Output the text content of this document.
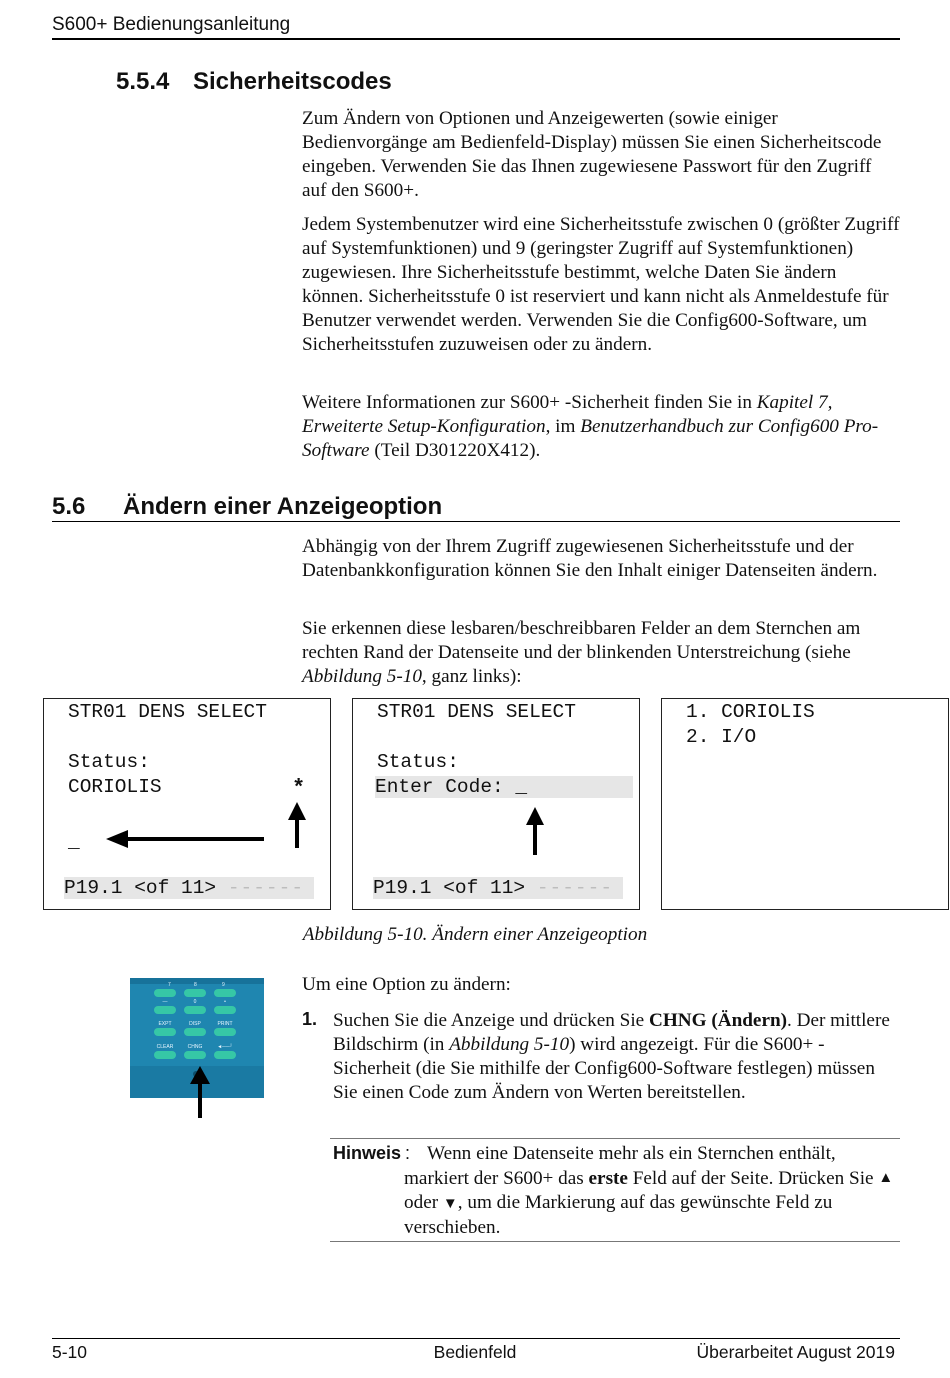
S600+ Bedienungsanleitung
5.5.4 Sicherheitscodes

Zum Ändern von Optionen und Anzeigewerten (sowie einiger Bedienvorgänge am Bedienfeld-Display) müssen Sie einen Sicherheitscode eingeben. Verwenden Sie das Ihnen zugewiesene Passwort für den Zugriff auf den S600+.

Jedem Systembenutzer wird eine Sicherheitsstufe zwischen 0 (größter Zugriff auf Systemfunktionen) und 9 (geringster Zugriff auf Systemfunktionen) zugewiesen. Ihre Sicherheitsstufe bestimmt, welche Daten Sie ändern können. Sicherheitsstufe 0 ist reserviert und kann nicht als Anmeldestufe für Benutzer verwendet werden. Verwenden Sie die Config600-Software, um Sicherheitsstufen zuzuweisen oder zu ändern.

Weitere Informationen zur S600+ -Sicherheit finden Sie in Kapitel 7, Erweiterte Setup-Konfiguration, im Benutzerhandbuch zur Config600 Pro-Software (Teil D301220X412).

5.6 Ändern einer Anzeigeoption

Abhängig von der Ihrem Zugriff zugewiesenen Sicherheitsstufe und der Datenbankkonfiguration können Sie den Inhalt einiger Datenseiten ändern.

Sie erkennen diese lesbaren/beschreibbaren Felder an dem Sternchen am rechten Rand der Datenseite und der blinkenden Unterstreichung (siehe Abbildung 5-10, ganz links):

STR01 DENS SELECT
Status:
CORIOLIS	*
_
P19.1 <of 11> ------
STR01 DENS SELECT
Status:
Enter Code: _
P19.1 <of 11> ------
1. CORIOLIS
2. I/O
Abbildung 5-10. Ändern einer Anzeigeoption
7	8	9
—	0	•
EXPT	DISP	PRINT
CLEAR	CHNG	◄──┘
Um eine Option zu ändern:
1. Suchen Sie die Anzeige und drücken Sie CHNG (Ändern). Der mittlere Bildschirm (in Abbildung 5-10) wird angezeigt. Für die S600+ -Sicherheit (die Sie mithilfe der Config600-Software festlegen) müssen Sie einen Code zum Ändern von Werten bereitstellen.

Hinweis : Wenn eine Datenseite mehr als ein Sternchen enthält, markiert der S600+ das erste Feld auf der Seite. Drücken Sie ▲ oder ▼, um die Markierung auf das gewünschte Feld zu verschieben.

5-10	Bedienfeld	Überarbeitet August 2019
